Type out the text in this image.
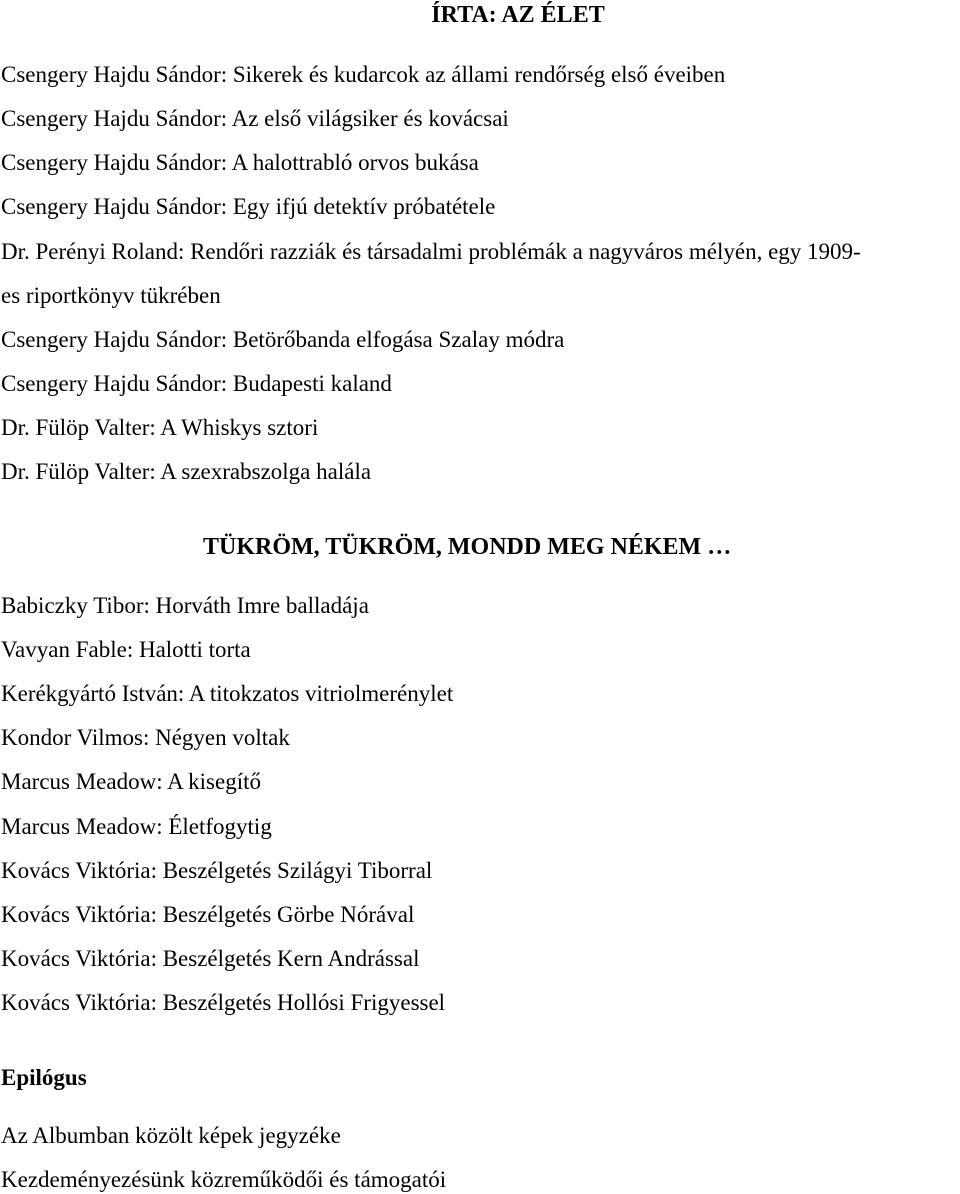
ÍRTA: AZ ÉLET

Csengery Hajdu Sándor: Sikerek és kudarcok az állami rendőrség első éveiben

Csengery Hajdu Sándor: Az első világsiker és kovácsai

Csengery Hajdu Sándor: A halottrabló orvos bukása

Csengery Hajdu Sándor: Egy ifjú detektív próbatétele

Dr. Perényi Roland: Rendőri razziák és társadalmi problémák a nagyváros mélyén, egy 1909-

es riportkönyv tükrében

Csengery Hajdu Sándor: Betörőbanda elfogása Szalay módra

Csengery Hajdu Sándor: Budapesti kaland

Dr. Fülöp Valter: A Whiskys sztori

Dr. Fülöp Valter: A szexrabszolga halála

TÜKRÖM, TÜKRÖM, MONDD MEG NÉKEM …

Babiczky Tibor: Horváth Imre balladája

Vavyan Fable: Halotti torta

Kerékgyártó István: A titokzatos vitriolmerénylet

Kondor Vilmos: Négyen voltak

Marcus Meadow: A kisegítő

Marcus Meadow: Életfogytig

Kovács Viktória: Beszélgetés Szilágyi Tiborral

Kovács Viktória: Beszélgetés Görbe Nórával

Kovács Viktória: Beszélgetés Kern Andrással

Kovács Viktória: Beszélgetés Hollósi Frigyessel

Epilógus

Az Albumban közölt képek jegyzéke

Kezdeményezésünk közreműködői és támogatói
